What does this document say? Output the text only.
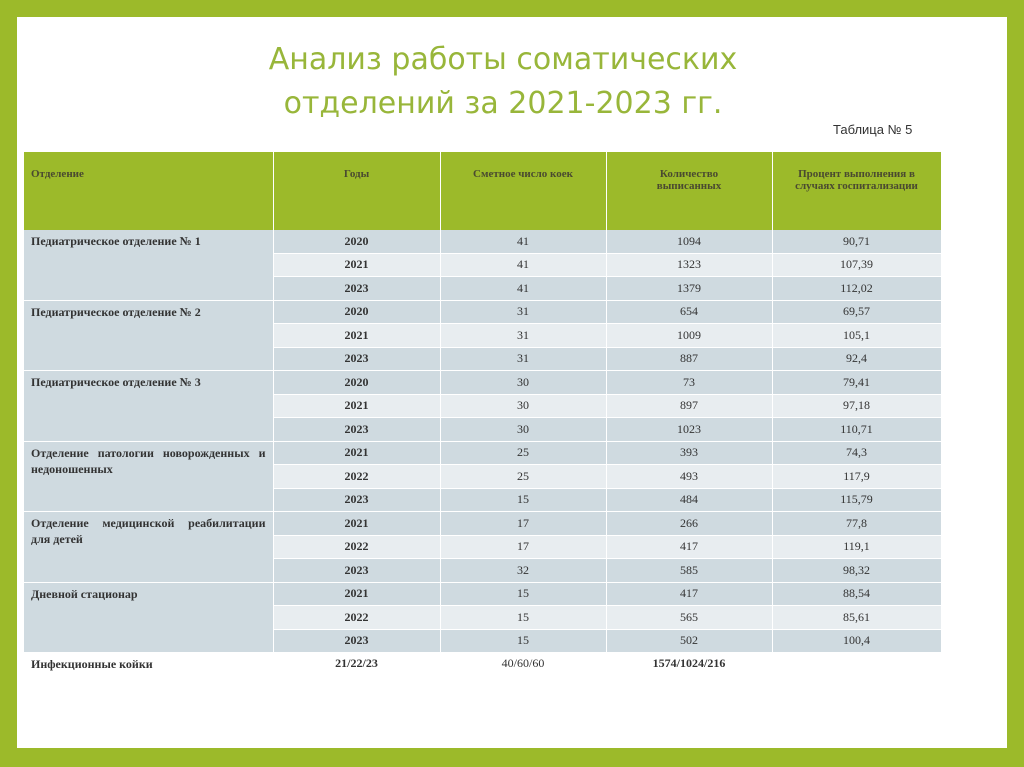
Анализ работы соматических
отделений за 2021-2023 гг.
Таблица № 5
Отделение	Годы	Сметное число коек	Количество выписанных	Процент выполнения в случаях госпитализации
Педиатрическое отделение № 1	2020	41	1094	90,71
	2021	41	1323	107,39
	2023	41	1379	112,02
Педиатрическое отделение № 2	2020	31	654	69,57
	2021	31	1009	105,1
	2023	31	887	92,4
Педиатрическое отделение № 3	2020	30	73	79,41
	2021	30	897	97,18
	2023	30	1023	110,71
Отделение патологии новорожденных и недоношенных	2021	25	393	74,3
	2022	25	493	117,9
	2023	15	484	115,79
Отделение медицинской реабилитации для детей	2021	17	266	77,8
	2022	17	417	119,1
	2023	32	585	98,32
Дневной стационар	2021	15	417	88,54
	2022	15	565	85,61
	2023	15	502	100,4
Инфекционные койки	21/22/23	40/60/60	1574/1024/216	
